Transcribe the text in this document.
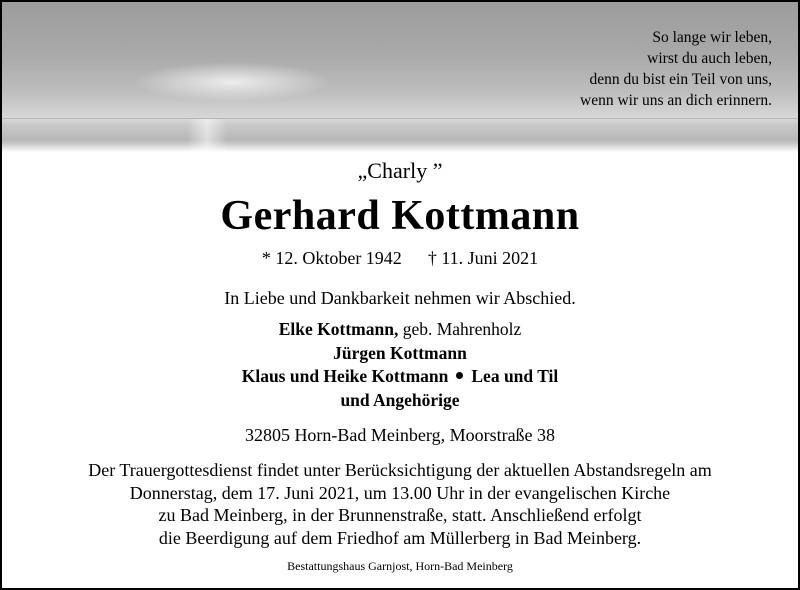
So lange wir leben,
wirst du auch leben,
denn du bist ein Teil von uns,
wenn wir uns an dich erinnern.
„Charly ”
Gerhard Kottmann
* 12. Oktober 1942 † 11. Juni 2021
In Liebe und Dankbarkeit nehmen wir Abschied.
Elke Kottmann, geb. Mahrenholz
Jürgen Kottmann
Klaus und Heike Kottmann Lea und Til
und Angehörige
32805 Horn-Bad Meinberg, Moorstraße 38
Der Trauergottesdienst findet unter Berücksichtigung der aktuellen Abstandsregeln am
Donnerstag, dem 17. Juni 2021, um 13.00 Uhr in der evangelischen Kirche
zu Bad Meinberg, in der Brunnenstraße, statt. Anschließend erfolgt
die Beerdigung auf dem Friedhof am Müllerberg in Bad Meinberg.
Bestattungshaus Garnjost, Horn-Bad Meinberg
